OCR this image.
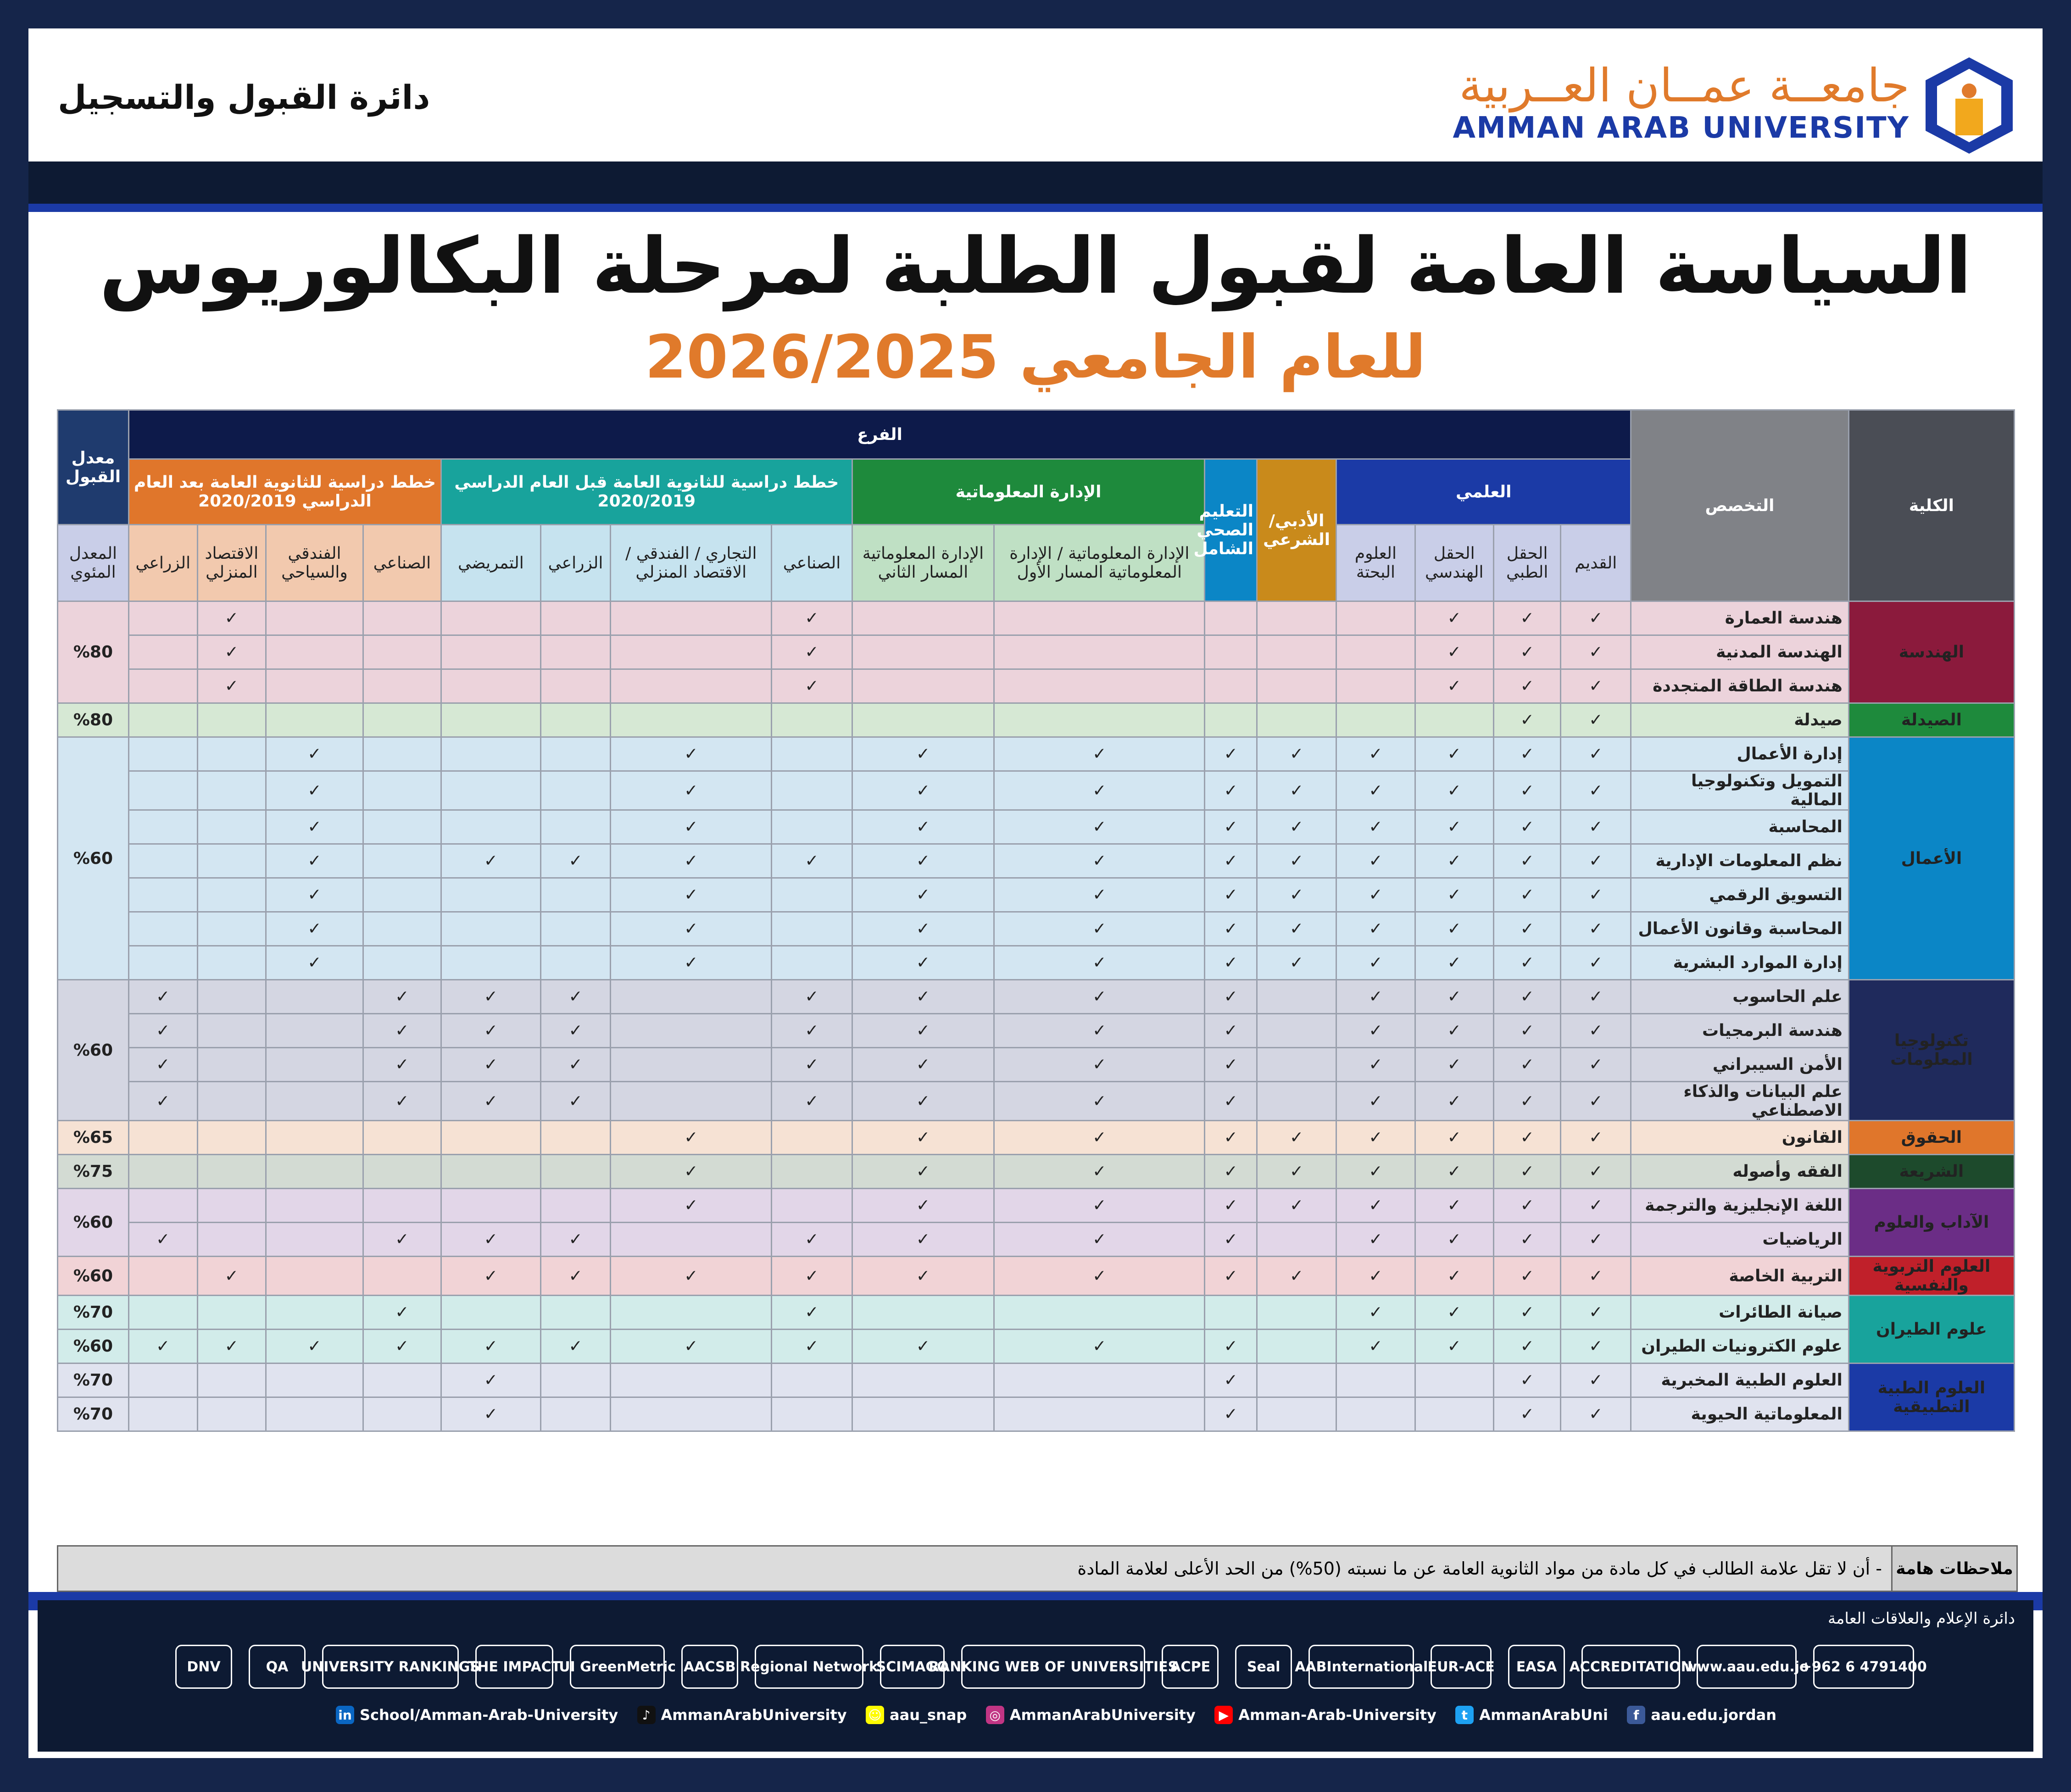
دائرة القبول والتسجيل	جامعــة عمــان العــربية
AMMAN ARAB UNIVERSITY
السياسة العامة لقبول الطلبة لمرحلة البكالوريوس
للعام الجامعي 2026/2025
الكلية	التخصص	الفرع																معدل القبول
		العلمي				الأدبي/ الشرعي	التعليم الصحي الشامل	الإدارة المعلوماتية		خطط دراسية للثانوية العامة قبل العام الدراسي 2020/2019				خطط دراسية للثانوية العامة بعد العام الدراسي 2020/2019				
		القديم	الحقل الطبي	الحقل الهندسي	العلوم البحتة			الإدارة المعلوماتية / الإدارة المعلوماتية المسار الأول	الإدارة المعلوماتية المسار الثاني	الصناعي	التجاري / الفندقي / الاقتصاد المنزلي	الزراعي	التمريضي	الصناعي	الفندقي والسياحي	الاقتصاد المنزلي	الزراعي	المعدل المئوي
الهندسة	هندسة العمارة	✓	✓	✓						✓						✓		%80
	الهندسة المدنية	✓	✓	✓						✓						✓		
	هندسة الطاقة المتجددة	✓	✓	✓						✓						✓		
الصيدلة	صيدلة	✓	✓															%80
الأعمال	إدارة الأعمال	✓	✓	✓	✓	✓	✓	✓	✓		✓				✓			%60
	التمويل وتكنولوجيا المالية	✓	✓	✓	✓	✓	✓	✓	✓		✓				✓			
	المحاسبة	✓	✓	✓	✓	✓	✓	✓	✓		✓				✓			
	نظم المعلومات الإدارية	✓	✓	✓	✓	✓	✓	✓	✓	✓	✓	✓	✓		✓			
	التسويق الرقمي	✓	✓	✓	✓	✓	✓	✓	✓		✓				✓			
	المحاسبة وقانون الأعمال	✓	✓	✓	✓	✓	✓	✓	✓		✓				✓			
	إدارة الموارد البشرية	✓	✓	✓	✓	✓	✓	✓	✓		✓				✓			
تكنولوجيا المعلومات	علم الحاسوب	✓	✓	✓	✓		✓	✓	✓	✓		✓	✓	✓			✓	%60
	هندسة البرمجيات	✓	✓	✓	✓		✓	✓	✓	✓		✓	✓	✓			✓	
	الأمن السيبراني	✓	✓	✓	✓		✓	✓	✓	✓		✓	✓	✓			✓	
	علم البيانات والذكاء الاصطناعي	✓	✓	✓	✓		✓	✓	✓	✓		✓	✓	✓			✓	
الحقوق	القانون	✓	✓	✓	✓	✓	✓	✓	✓		✓							%65
الشريعة	الفقه وأصوله	✓	✓	✓	✓	✓	✓	✓	✓		✓							%75
الآداب والعلوم	اللغة الإنجليزية والترجمة	✓	✓	✓	✓	✓	✓	✓	✓		✓							%60
	الرياضيات	✓	✓	✓	✓		✓	✓	✓	✓		✓	✓	✓			✓	
العلوم التربوية والنفسية	التربية الخاصة	✓	✓	✓	✓	✓	✓	✓	✓	✓	✓	✓	✓			✓		%60
علوم الطيران	صيانة الطائرات	✓	✓	✓	✓					✓				✓				%70
	علوم الكترونيات الطيران	✓	✓	✓	✓		✓	✓	✓	✓	✓	✓	✓	✓	✓	✓	✓	%60
العلوم الطبية التطبيقية	العلوم الطبية المخبرية	✓	✓				✓						✓					%70
	المعلوماتية الحيوية	✓	✓				✓						✓					%70
ملاحظات هامة
- أن لا تقل علامة الطالب في كل مادة من مواد الثانوية العامة عن ما نسبته (50%) من الحد الأعلى لعلامة المادة
دائرة الإعلام والعلاقات العامة
DNV	QA UNIVERSITY RANKINGS
THE IMPACT
UI GreenMetric AACSB Regional Network
SCIMAGO
RANKING WEB OF UNIVERSITIES
ACPE	Seal	AABInternational EUR-ACE	EASA ACCREDITATION
www.aau.edu.jo
+962 6 4791400
f aau.edu.jordan
t AmmanArabUni
▶ Amman-Arab-University
◎ AmmanArabUniversity
☺ aau_snap
♪ AmmanArabUniversity
in School/Amman-Arab-University
